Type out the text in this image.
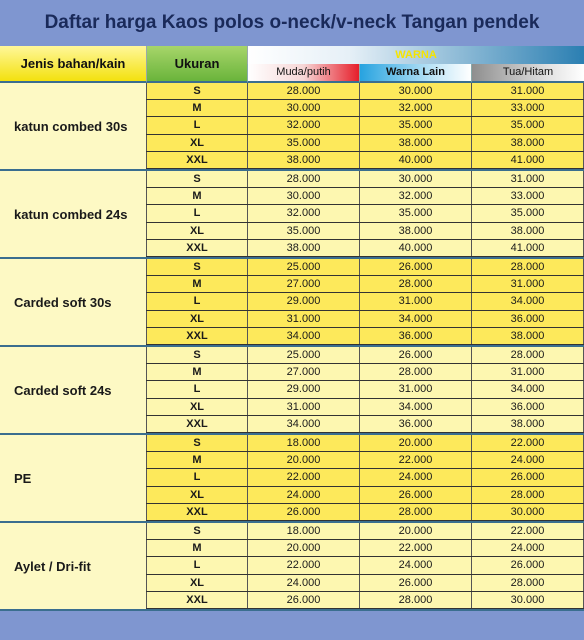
Daftar harga Kaos polos o-neck/v-neck Tangan pendek
Jenis bahan/kain	Ukuran
WARNA
Muda/putih	Warna Lain	Tua/Hitam
katun combed 30s
S	28.000	30.000	31.000
M	30.000	32.000	33.000
L	32.000	35.000	35.000
XL	35.000	38.000	38.000
XXL	38.000	40.000	41.000
katun combed 24s
S	28.000	30.000	31.000
M	30.000	32.000	33.000
L	32.000	35.000	35.000
XL	35.000	38.000	38.000
XXL	38.000	40.000	41.000
Carded soft 30s
S	25.000	26.000	28.000
M	27.000	28.000	31.000
L	29.000	31.000	34.000
XL	31.000	34.000	36.000
XXL	34.000	36.000	38.000
Carded soft 24s
S	25.000	26.000	28.000
M	27.000	28.000	31.000
L	29.000	31.000	34.000
XL	31.000	34.000	36.000
XXL	34.000	36.000	38.000
PE
S	18.000	20.000	22.000
M	20.000	22.000	24.000
L	22.000	24.000	26.000
XL	24.000	26.000	28.000
XXL	26.000	28.000	30.000
Aylet / Dri-fit
S	18.000	20.000	22.000
M	20.000	22.000	24.000
L	22.000	24.000	26.000
XL	24.000	26.000	28.000
XXL	26.000	28.000	30.000
